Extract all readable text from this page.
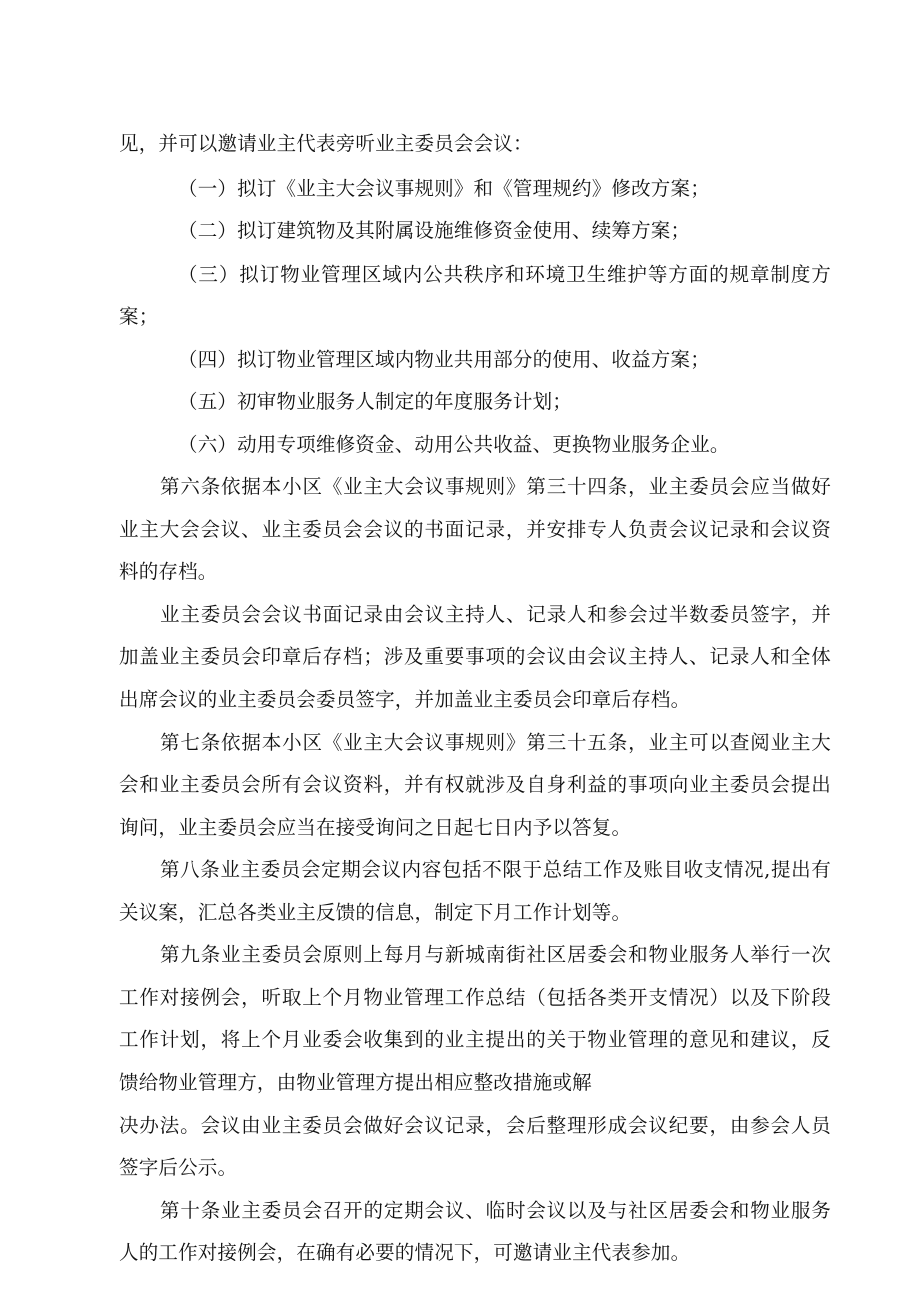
见，并可以邀请业主代表旁听业主委员会会议：
（一）拟订《业主大会议事规则》和《管理规约》修改方案；
（二）拟订建筑物及其附属设施维修资金使用、续筹方案；
（三）拟订物业管理区域内公共秩序和环境卫生维护等方面的规章制度方
案；
（四）拟订物业管理区域内物业共用部分的使用、收益方案；
（五）初审物业服务人制定的年度服务计划；
（六）动用专项维修资金、动用公共收益、更换物业服务企业。
第六条依据本小区《业主大会议事规则》第三十四条，业主委员会应当做好
业主大会会议、业主委员会会议的书面记录，并安排专人负责会议记录和会议资
料的存档。
业主委员会会议书面记录由会议主持人、记录人和参会过半数委员签字，并
加盖业主委员会印章后存档；涉及重要事项的会议由会议主持人、记录人和全体
出席会议的业主委员会委员签字，并加盖业主委员会印章后存档。
第七条依据本小区《业主大会议事规则》第三十五条，业主可以查阅业主大
会和业主委员会所有会议资料，并有权就涉及自身利益的事项向业主委员会提出
询问，业主委员会应当在接受询问之日起七日内予以答复。
第八条业主委员会定期会议内容包括不限于总结工作及账目收支情况,提出有
关议案，汇总各类业主反馈的信息，制定下月工作计划等。
第九条业主委员会原则上每月与新城南街社区居委会和物业服务人举行一次
工作对接例会，听取上个月物业管理工作总结（包括各类开支情况）以及下阶段
工作计划，将上个月业委会收集到的业主提出的关于物业管理的意见和建议，反
馈给物业管理方，由物业管理方提出相应整改措施或解
决办法。会议由业主委员会做好会议记录，会后整理形成会议纪要，由参会人员
签字后公示。
第十条业主委员会召开的定期会议、临时会议以及与社区居委会和物业服务
人的工作对接例会，在确有必要的情况下，可邀请业主代表参加。
